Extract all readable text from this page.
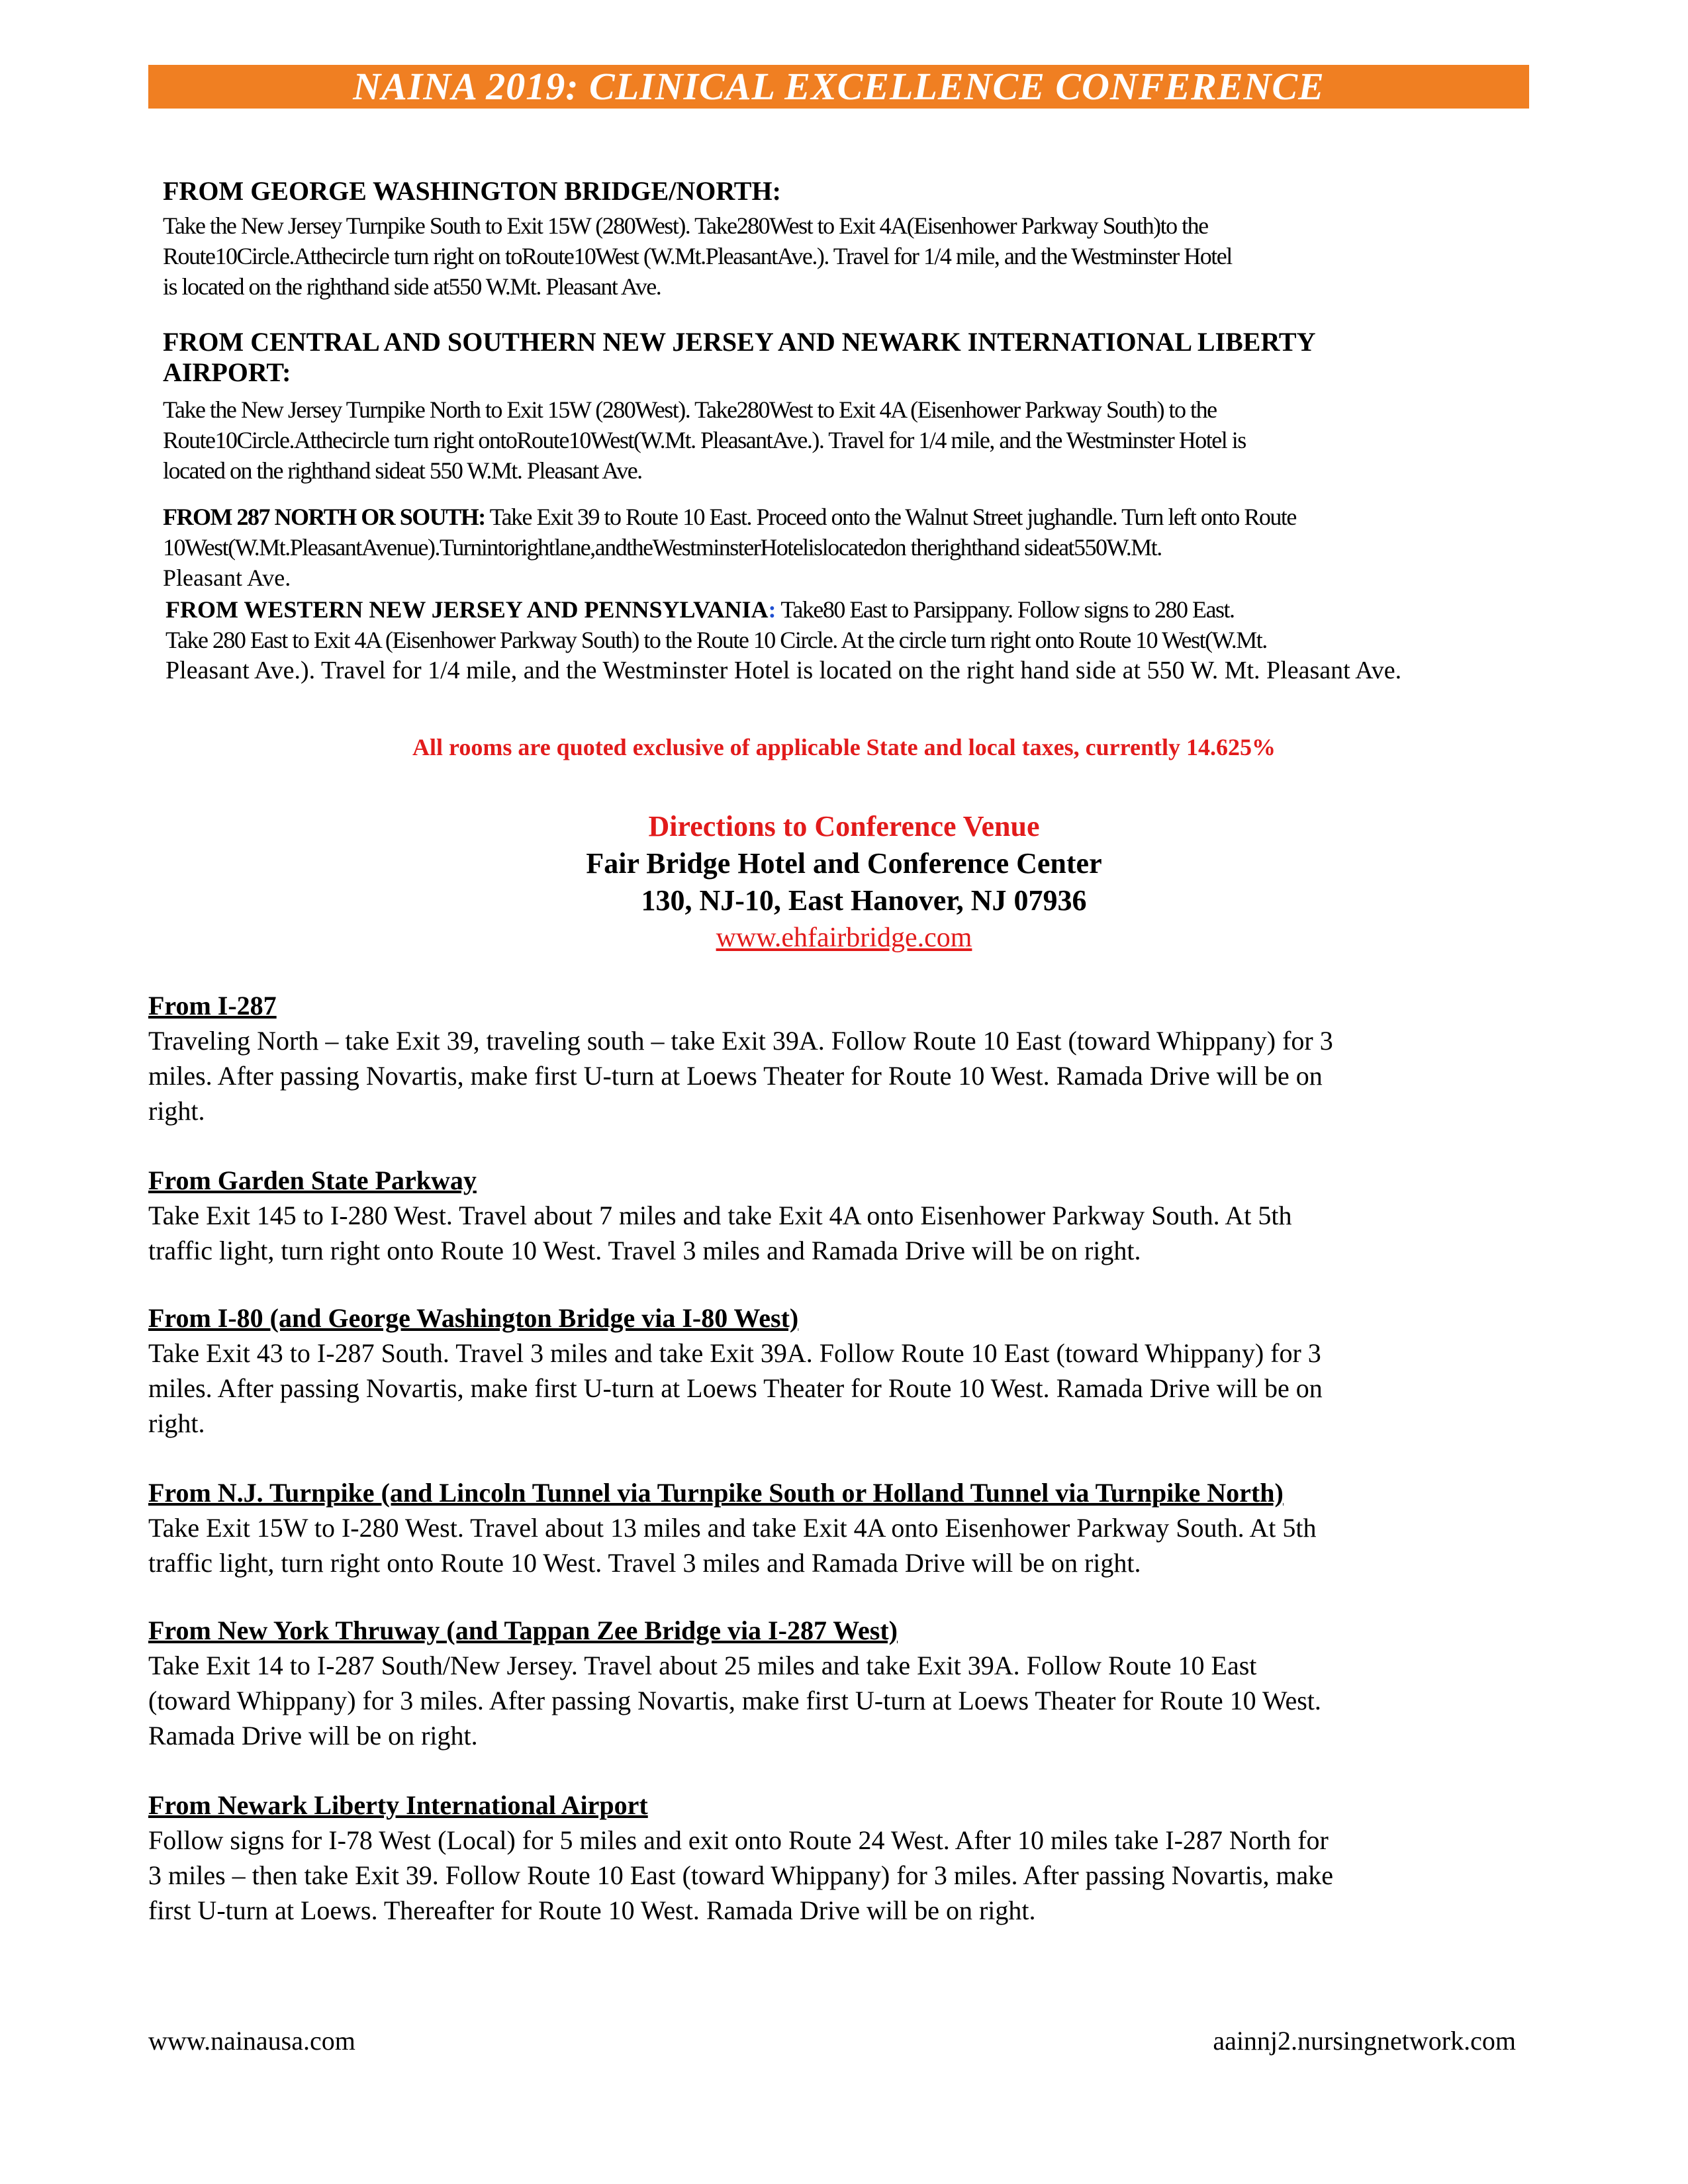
NAINA 2019: CLINICAL EXCELLENCE CONFERENCE
FROM GEORGE WASHINGTON BRIDGE/NORTH:

Take the New Jersey Turnpike South to Exit 15W (280West). Take280West to Exit 4A(Eisenhower Parkway South)to the

Route10Circle.Atthecircle turn right on toRoute10West (W.Mt.PleasantAve.). Travel for 1/4 mile, and the Westminster Hotel

is located on the righthand side at550 W.Mt. Pleasant Ave.

FROM CENTRAL AND SOUTHERN NEW JERSEY AND NEWARK INTERNATIONAL LIBERTY
AIRPORT:

Take the New Jersey Turnpike North to Exit 15W (280West). Take280West to Exit 4A (Eisenhower Parkway South) to the

Route10Circle.Atthecircle turn right ontoRoute10West(W.Mt. PleasantAve.). Travel for 1/4 mile, and the Westminster Hotel is

located on the righthand sideat 550 W.Mt. Pleasant Ave.

FROM 287 NORTH OR SOUTH: Take Exit 39 to Route 10 East. Proceed onto the Walnut Street jughandle. Turn left onto Route

10West(W.Mt.PleasantAvenue).Turnintorightlane,andtheWestminsterHotelislocatedon therighthand sideat550W.Mt.

Pleasant Ave.

FROM WESTERN NEW JERSEY AND PENNSYLVANIA: Take80 East to Parsippany. Follow signs to 280 East.

Take 280 East to Exit 4A (Eisenhower Parkway South) to the Route 10 Circle. At the circle turn right onto Route 10 West(W.Mt.

Pleasant Ave.). Travel for 1/4 mile, and the Westminster Hotel is located on the right hand side at 550 W. Mt. Pleasant Ave.

All rooms are quoted exclusive of applicable State and local taxes, currently 14.625%
Directions to Conference Venue
Fair Bridge Hotel and Conference Center
130, NJ-10, East Hanover, NJ 07936
www.ehfairbridge.com
From I-287

Traveling North – take Exit 39, traveling south – take Exit 39A. Follow Route 10 East (toward Whippany) for 3

miles. After passing Novartis, make first U-turn at Loews Theater for Route 10 West. Ramada Drive will be on

right.

From Garden State Parkway

Take Exit 145 to I-280 West. Travel about 7 miles and take Exit 4A onto Eisenhower Parkway South. At 5th

traffic light, turn right onto Route 10 West. Travel 3 miles and Ramada Drive will be on right.

From I-80 (and George Washington Bridge via I-80 West)

Take Exit 43 to I-287 South. Travel 3 miles and take Exit 39A. Follow Route 10 East (toward Whippany) for 3

miles. After passing Novartis, make first U-turn at Loews Theater for Route 10 West. Ramada Drive will be on

right.

From N.J. Turnpike (and Lincoln Tunnel via Turnpike South or Holland Tunnel via Turnpike North)

Take Exit 15W to I-280 West. Travel about 13 miles and take Exit 4A onto Eisenhower Parkway South. At 5th

traffic light, turn right onto Route 10 West. Travel 3 miles and Ramada Drive will be on right.

From New York Thruway (and Tappan Zee Bridge via I-287 West)

Take Exit 14 to I-287 South/New Jersey. Travel about 25 miles and take Exit 39A. Follow Route 10 East

(toward Whippany) for 3 miles. After passing Novartis, make first U-turn at Loews Theater for Route 10 West.

Ramada Drive will be on right.

From Newark Liberty International Airport

Follow signs for I-78 West (Local) for 5 miles and exit onto Route 24 West. After 10 miles take I-287 North for

3 miles – then take Exit 39. Follow Route 10 East (toward Whippany) for 3 miles. After passing Novartis, make

first U-turn at Loews. Thereafter for Route 10 West. Ramada Drive will be on right.

www.nainausa.com	aainnj2.nursingnetwork.com
